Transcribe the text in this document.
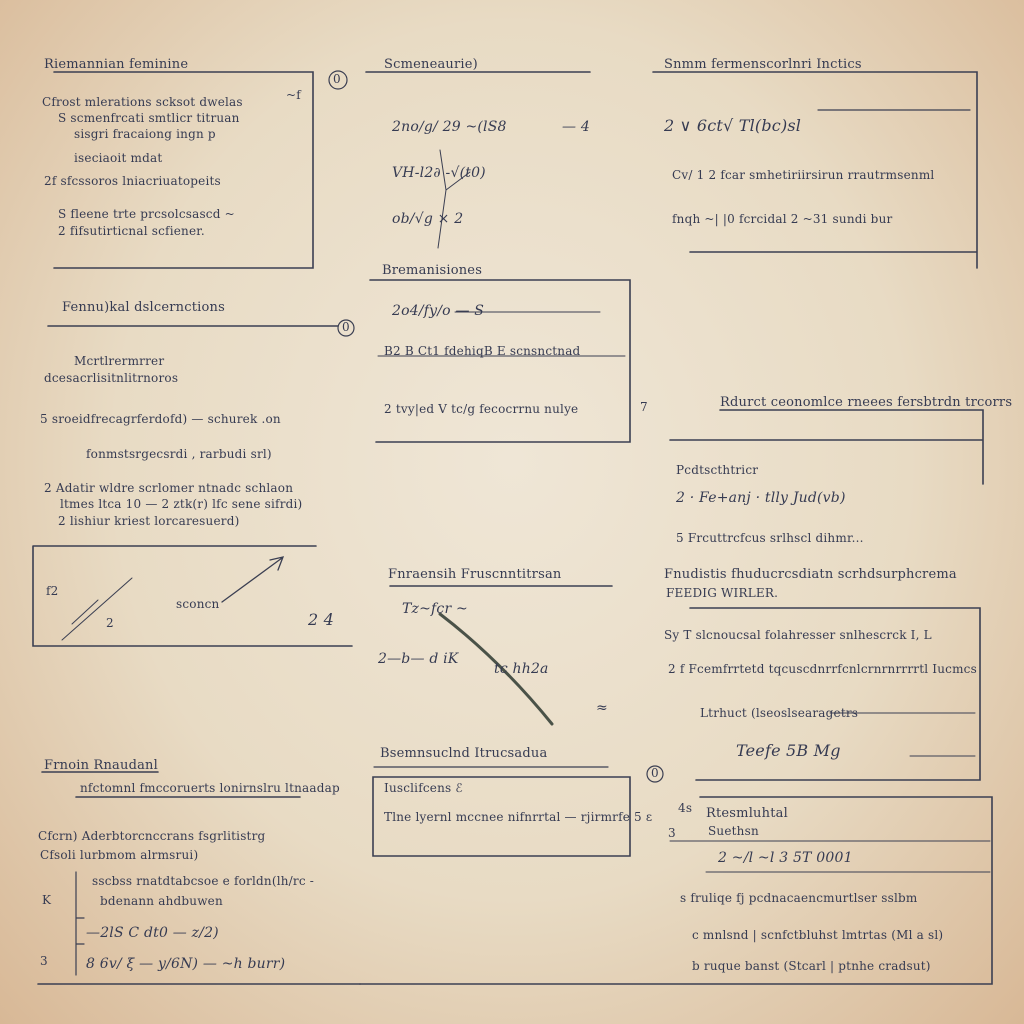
Riemannian feminine
0
~f
Cfrost mlerations scksot dwelas
S scmenfrcati smtlicr titruan
sisgri fracaiong ingn p
iseciaoit mdat
2f sfcssoros lniacriuatopeits
S fleene trte prcsolcsascd ~
2 fifsutirticnal scfiener.
Scmeneaurie)
2no∕g/ 29 ~(lS8	— 4
VH-l2∂ -√(t0)
ob/√g × 2
Snmm fermenscorlnri Inctics
2 ∨ 6ct√ Tl(bc)sl
Cv/ 1 2 fcar smhetiriirsirun rrautrmsenml
fnqh ~| |0 fcrcidal 2 ~31 sundi bur
Fennu)kal dslcernctions
0
Mcrtlrermrrer
dcesacrlisitnlitrnoros
5 sroeidfrecagrferdofd) — schurek .on
fonmstsrgecsrdi , rarbudi srl)
2 Adatir wldre scrlomer ntnadc schlaon
ltmes ltca 10 — 2 ztk(r) lfc sene sifrdi)
2 lishiur kriest lorcaresuerd)
Bremanisiones
2o4/fy∕o — S
B2 B Ct1 fdehiqB E scnsnctnad
2 tvy|ed V tc/g fecocrrnu nulye	7	Rdurct ceonomlce rneees fersbtrdn trcorrs
Pcdtscthtricr
2 · Fe+anj · tlly Jud(vb)
5 Frcuttrcfcus srlhscl dihmr...
f2
2
sconcn
2 4
Fnraensih Fruscnntitrsan
Tz~fcr ~
2—b— d iK
tc hh2a
≈
Fnudistis fhuducrcsdiatn scrhdsurphcrema
FEEDIG WIRLER.
Sy T slcnoucsal folahresser snlhescrck I, L
2 f Fcemfrrtetd tqcuscdnrrfcnlcrnrnrrrrtl Iucmcs
Ltrhuct (lseoslsearagetrs
Teefe 5B Mg
Frnoin Rnaudanl
nfctomnl fmccoruerts lonirnslru ltnaadap
Cfcrn) Aderbtorcnccrans fsgrlitistrg
Cfsoli lurbmom alrmsrui)
sscbss rnatdtabcsoe e forldn(lh/rc -
bdenann ahdbuwen
—2lS C dt0 — z/2)
8 6v/ ξ — y∕6N) — ~h burr)
K
3
Bsemnsuclnd Itrucsadua
Iusclifcens ℰ
Tlne lyernl mccnee nifnrrtal — rjirmrfe 5 ε
0
Rtesmluhtal
Suethsn
4s
3
2 ~/l ~l 3 5T 0001
s fruliqe fj pcdnacaencmurtlser sslbm
c mnlsnd | scnfctbluhst lmtrtas (Ml a sl)
b ruque banst (Stcarl | ptnhe cradsut)
